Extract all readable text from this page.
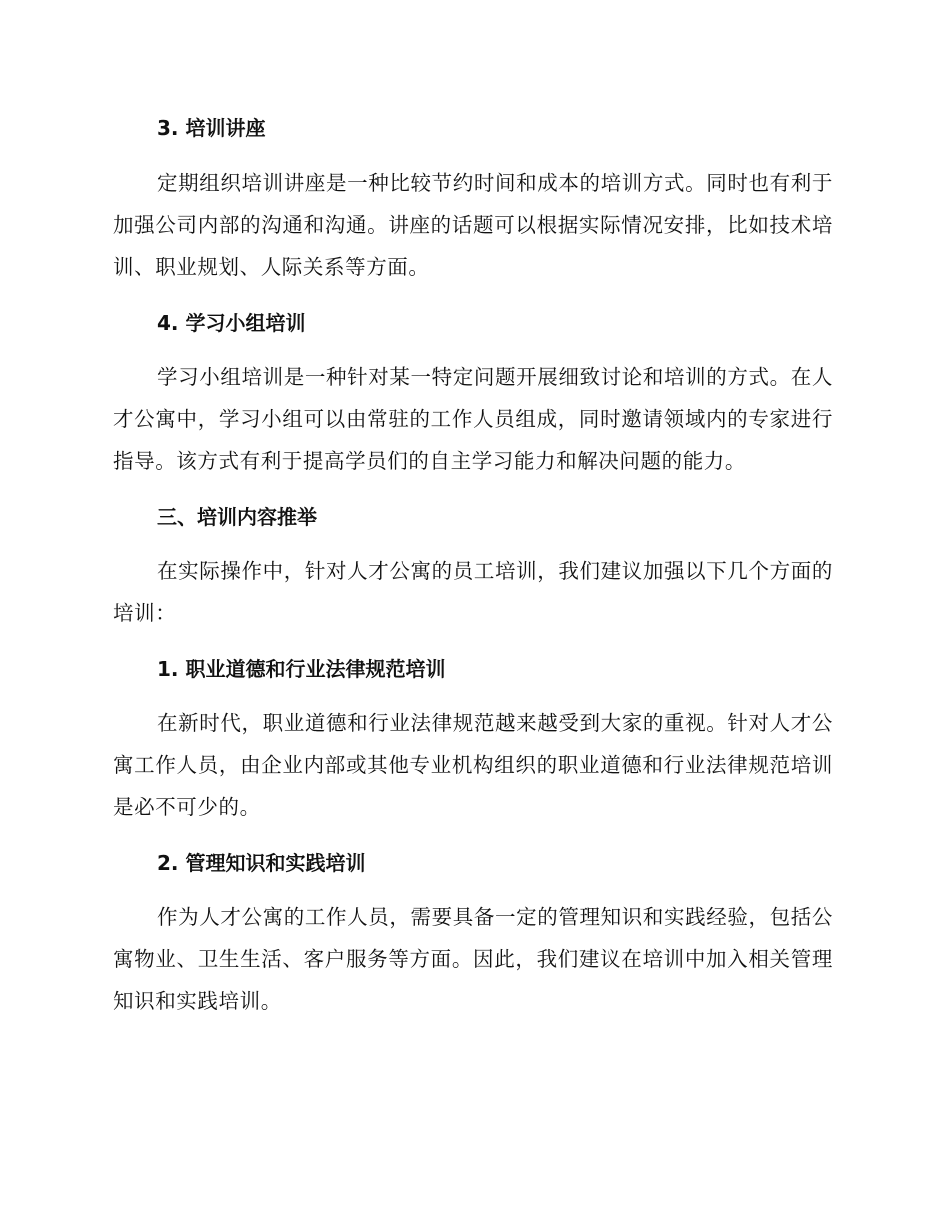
3. 培训讲座

定期组织培训讲座是一种比较节约时间和成本的培训方式。同时也有利于加强公司内部的沟通和沟通。讲座的话题可以根据实际情况安排，比如技术培训、职业规划、人际关系等方面。

4. 学习小组培训

学习小组培训是一种针对某一特定问题开展细致讨论和培训的方式。在人才公寓中，学习小组可以由常驻的工作人员组成，同时邀请领域内的专家进行指导。该方式有利于提高学员们的自主学习能力和解决问题的能力。

三、培训内容推举

在实际操作中，针对人才公寓的员工培训，我们建议加强以下几个方面的培训：

1. 职业道德和行业法律规范培训

在新时代，职业道德和行业法律规范越来越受到大家的重视。针对人才公寓工作人员，由企业内部或其他专业机构组织的职业道德和行业法律规范培训是必不可少的。

2. 管理知识和实践培训

作为人才公寓的工作人员，需要具备一定的管理知识和实践经验，包括公寓物业、卫生生活、客户服务等方面。因此，我们建议在培训中加入相关管理知识和实践培训。
